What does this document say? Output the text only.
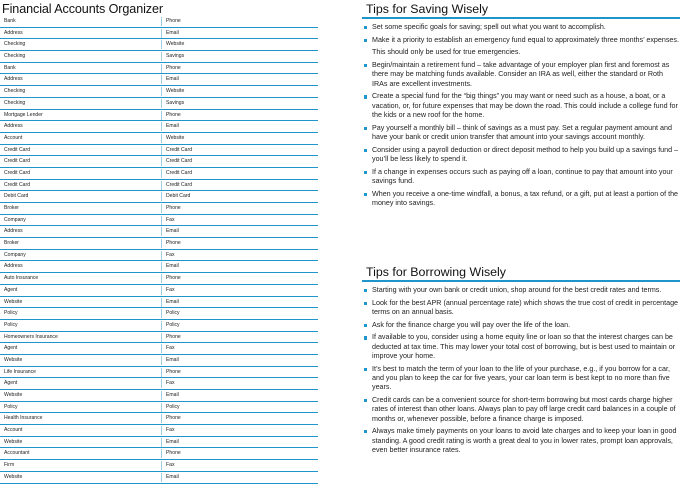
Financial Accounts Organizer
Bank	Phone
Address	Email
Checking	Website
Checking	Savings
Bank	Phone
Address	Email
Checking	Website
Checking	Savings
Mortgage Lender	Phone
Address	Email
Account	Website
Credit Card	Credit Card
Credit Card	Credit Card
Credit Card	Credit Card
Credit Card	Credit Card
Debit Card	Debit Card
Broker	Phone
Company	Fax
Address	Email
Broker	Phone
Company	Fax
Address	Email
Auto Insurance	Phone
Agent	Fax
Website	Email
Policy	Policy
Policy	Policy
Homeowners Insurance	Phone
Agent	Fax
Website	Email
Life Insurance	Phone
Agent	Fax
Website	Email
Policy	Policy
Health Insurance	Phone
Account	Fax
Website	Email
Accountant	Phone
Firm	Fax
Website	Email
Tips for Saving Wisely
Set some specific goals for saving; spell out what you want to accomplish.
Make it a priority to establish an emergency fund equal to approximately three months’ expenses.
This should only be used for true emergencies.
Begin/maintain a retirement fund – take advantage of your employer plan first and foremost as there may be matching funds available. Consider an IRA as well, either the standard or Roth IRAs are excellent investments.
Create a special fund for the “big things” you may want or need such as a house, a boat, or a vacation, or, for future expenses that may be down the road. This could include a college fund for the kids or a new roof for the home.
Pay yourself a monthly bill – think of savings as a must pay. Set a regular payment amount and have your bank or credit union transfer that amount into your savings account monthly.
Consider using a payroll deduction or direct deposit method to help you build up a savings fund – you’ll be less likely to spend it.
If a change in expenses occurs such as paying off a loan, continue to pay that amount into your savings fund.
When you receive a one-time windfall, a bonus, a tax refund, or a gift, put at least a portion of the money into savings.
Tips for Borrowing Wisely
Starting with your own bank or credit union, shop around for the best credit rates and terms.
Look for the best APR (annual percentage rate) which shows the true cost of credit in percentage terms on an annual basis.
Ask for the finance charge you will pay over the life of the loan.
If available to you, consider using a home equity line or loan so that the interest charges can be deducted at tax time. This may lower your total cost of borrowing, but is best used to maintain or improve your home.
It’s best to match the term of your loan to the life of your purchase, e.g., if you borrow for a car, and you plan to keep the car for five years, your car loan term is best kept to no more than five years.
Credit cards can be a convenient source for short-term borrowing but most cards charge higher rates of interest than other loans. Always plan to pay off large credit card balances in a couple of months or, whenever possible, before a finance charge is imposed.
Always make timely payments on your loans to avoid late charges and to keep your loan in good standing. A good credit rating is worth a great deal to you in lower rates, prompt loan approvals, even better insurance rates.
